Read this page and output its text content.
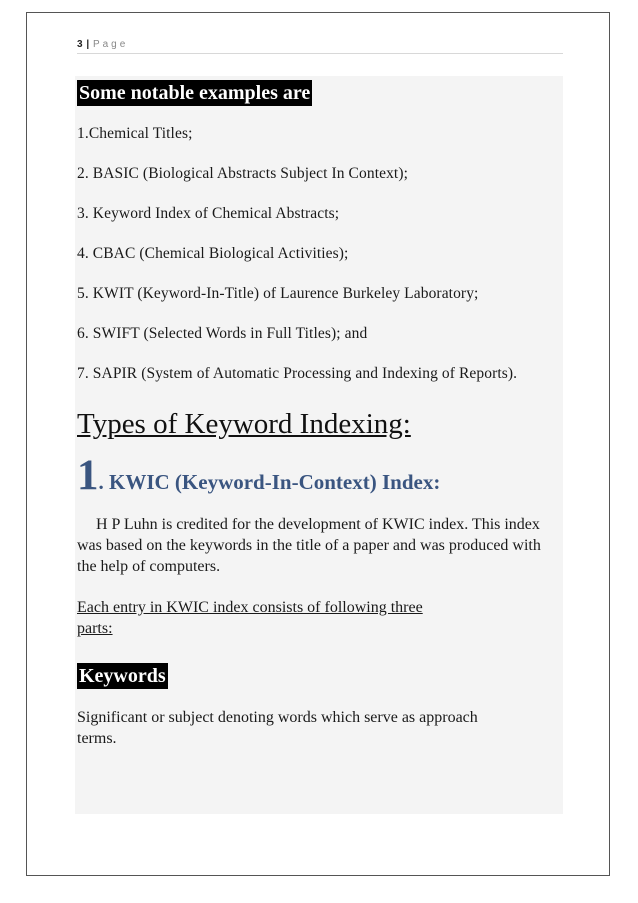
3 | Page
Some notable examples are

1.Chemical Titles;

2. BASIC (Biological Abstracts Subject In Context);

3. Keyword Index of Chemical Abstracts;

4. CBAC (Chemical Biological Activities);

5. KWIT (Keyword-In-Title) of Laurence Burkeley Laboratory;

6. SWIFT (Selected Words in Full Titles); and

7. SAPIR (System of Automatic Processing and Indexing of Reports).

Types of Keyword Indexing:
1. KWIC (Keyword-In-Context) Index:

H P Luhn is credited for the development of KWIC index. This index was based on the keywords in the title of a paper and was produced with the help of computers.

Each entry in KWIC index consists of following three
parts:

Keywords

Significant or subject denoting words which serve as approach
terms.
